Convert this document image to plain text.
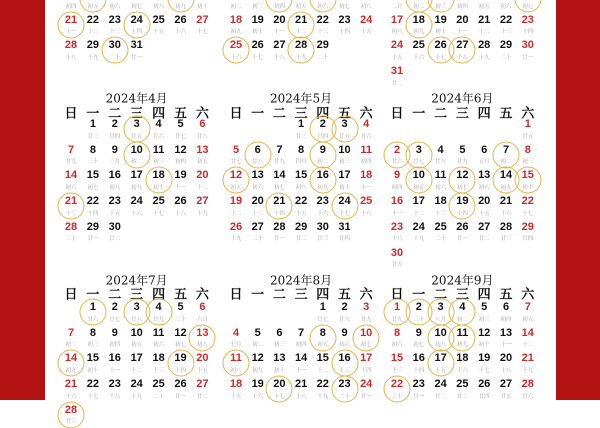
初四 初五 初六 初七 初八 初九 初十
21
十一
22
十二
23
十三
24
十四
25
十五
26
十六
27
十七
28
十八
29
十九
30
二十
31
廿一
初二 初三 初四 初五 初六 初七 初八
18
初九
19
初十
20
十一
21
十二
22
十三
23
十四
24
十五
25
十六
26
十七
27
十八
28
十九
29
二十
二月 初二 初三 初四 初五 初六 初七
17
初八
18
初九
19
初十
20
十一
21
十二
22
十三
23
十四
24
十五
25
十六
26
十七
27
十八
28
十九
29
二十
30
廿一
31
廿二
2024年4月
日 一 二 三 四 五 六
1
廿三
2
廿四
3
廿五
4
廿六
5
廿七
6
廿八
7
廿九
8
三十
9
三月
10
初二
11
初三
12
初四
13
初五
14
初六
15
初七
16
初八
17
初九
18
初十
19
十一
20
十二
21
十三
22
十四
23
十五
24
十六
25
十七
26
十八
27
十九
28
二十
29
廿一
30
廿二
2024年5月
日 一 二 三 四 五 六
1
廿三
2
廿四
3
廿五
4
廿六
5
廿七
6
廿八
7
廿九
8
四月
9
初二
10
初三
11
初四
12
初五
13
初六
14
初七
15
初八
16
初九
17
初十
18
十一
19
十二
20
十三
21
十四
22
十五
23
十六
24
十七
25
十八
26
十九
27
二十
28
廿一
29
廿二
30
廿三
31
廿四
2024年6月
日 一 二 三 四 五 六
1
廿五
2
廿六
3
廿七
4
廿八
5
廿九
6
五月
7
初二
8
初三
9
初四
10
初五
11
初六
12
初七
13
初八
14
初九
15
初十
16
十一
17
十二
18
十三
19
十四
20
十五
21
十六
22
十七
23
十八
24
十九
25
二十
26
廿一
27
廿二
28
廿三
29
廿四
30
廿五
2024年7月
日 一 二 三 四 五 六
1
廿六
2
廿七
3
廿八
4
廿九
5
三十
6
六月
7
初二
8
初三
9
初四
10
初五
11
初六
12
初七
13
初八
14
初九
15
初十
16
十一
17
十二
18
十三
19
十四
20
十五
21
十六
22
十七
23
十八
24
十九
25
二十
26
廿一
27
廿二
28
廿三
2024年8月
日 一 二 三 四 五 六
1
廿七
2
廿八
3
廿九
4
七月
5
初二
6
初三
7
初四
8
初五
9
初六
10
初七
11
初八
12
初九
13
初十
14
十一
15
十二
16
十三
17
十四
18
十五
19
十六
20
十七
21
十八
22
十九
23
二十
24
廿一
2024年9月
日 一 二 三 四 五 六
1
廿九
2
三十
3
八月
4
初二
5
初三
6
初四
7
初五
8
初六
9
初七
10
初八
11
初九
12
初十
13
十一
14
十二
15
十三
16
十四
17
十五
18
十六
19
十七
20
十八
21
十九
22
二十
23
廿一
24
廿二
25
廿三
26
廿四
27
廿五
28
廿六
